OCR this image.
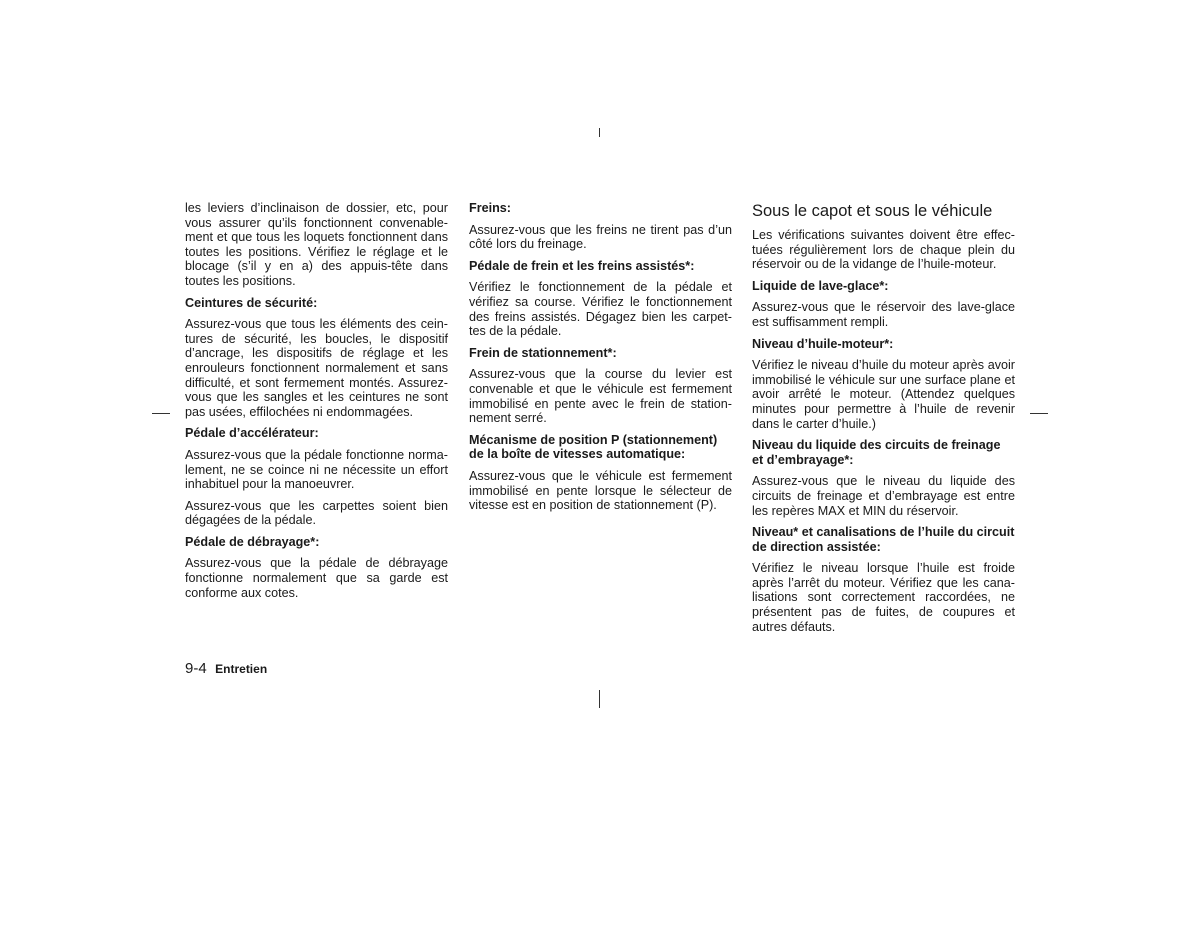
les leviers d’inclinaison de dossier, etc, pour vous assurer qu’ils fonctionnent convenable-ment et que tous les loquets fonctionnent dans toutes les positions. Vérifiez le réglage et le blocage (s’il y en a) des appuis-tête dans toutes les positions.

Ceintures de sécurité:

Assurez-vous que tous les éléments des cein-tures de sécurité, les boucles, le dispositif d’ancrage, les dispositifs de réglage et les enrouleurs fonctionnent normalement et sans difficulté, et sont fermement montés. Assurez-vous que les sangles et les ceintures ne sont pas usées, effilochées ni endommagées.

Pédale d’accélérateur:

Assurez-vous que la pédale fonctionne norma-lement, ne se coince ni ne nécessite un effort inhabituel pour la manoeuvrer.

Assurez-vous que les carpettes soient bien dégagées de la pédale.

Pédale de débrayage*:

Assurez-vous que la pédale de débrayage fonctionne normalement que sa garde est conforme aux cotes.

Freins:

Assurez-vous que les freins ne tirent pas d’un côté lors du freinage.

Pédale de frein et les freins assistés*:

Vérifiez le fonctionnement de la pédale et vérifiez sa course. Vérifiez le fonctionnement des freins assistés. Dégagez bien les carpet-tes de la pédale.

Frein de stationnement*:

Assurez-vous que la course du levier est convenable et que le véhicule est fermement immobilisé en pente avec le frein de station-nement serré.

Mécanisme de position P (stationnement) de la boîte de vitesses automatique:

Assurez-vous que le véhicule est fermement immobilisé en pente lorsque le sélecteur de vitesse est en position de stationnement (P).

Sous le capot et sous le véhicule

Les vérifications suivantes doivent être effec-tuées régulièrement lors de chaque plein du réservoir ou de la vidange de l’huile-moteur.

Liquide de lave-glace*:

Assurez-vous que le réservoir des lave-glace est suffisamment rempli.

Niveau d’huile-moteur*:

Vérifiez le niveau d’huile du moteur après avoir immobilisé le véhicule sur une surface plane et avoir arrêté le moteur. (Attendez quelques minutes pour permettre à l’huile de revenir dans le carter d’huile.)

Niveau du liquide des circuits de freinage et d’embrayage*:

Assurez-vous que le niveau du liquide des circuits de freinage et d’embrayage est entre les repères MAX et MIN du réservoir.

Niveau* et canalisations de l’huile du circuit de direction assistée:

Vérifiez le niveau lorsque l’huile est froide après l’arrêt du moteur. Vérifiez que les cana-lisations sont correctement raccordées, ne présentent pas de fuites, de coupures et autres défauts.

9-4 Entretien
